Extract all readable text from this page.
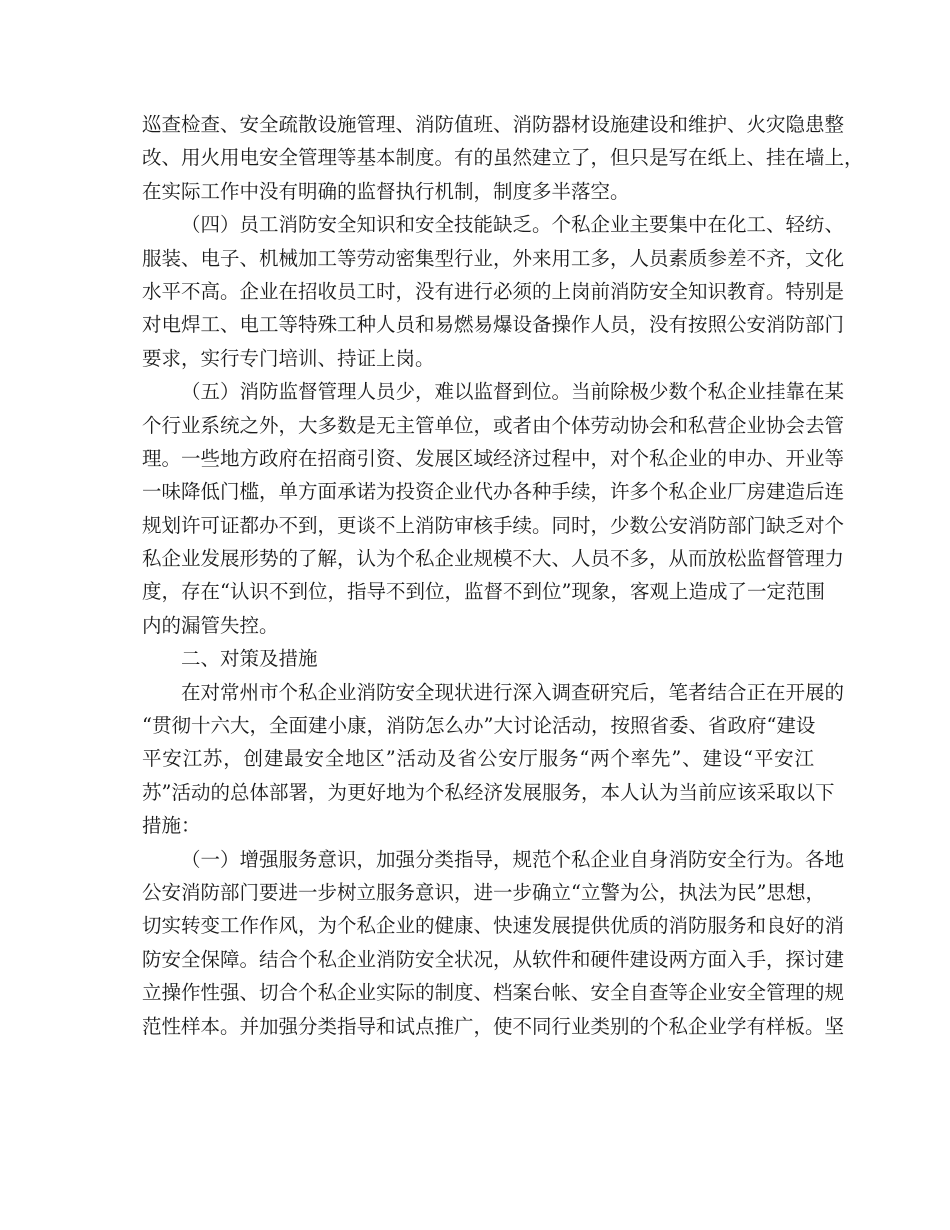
巡查检查、安全疏散设施管理、消防值班、消防器材设施建设和维护、火灾隐患整
改、用火用电安全管理等基本制度。有的虽然建立了，但只是写在纸上、挂在墙上，
在实际工作中没有明确的监督执行机制，制度多半落空。
（四）员工消防安全知识和安全技能缺乏。个私企业主要集中在化工、轻纺、
服装、电子、机械加工等劳动密集型行业，外来用工多，人员素质参差不齐，文化
水平不高。企业在招收员工时，没有进行必须的上岗前消防安全知识教育。特别是
对电焊工、电工等特殊工种人员和易燃易爆设备操作人员，没有按照公安消防部门
要求，实行专门培训、持证上岗。
（五）消防监督管理人员少，难以监督到位。当前除极少数个私企业挂靠在某
个行业系统之外，大多数是无主管单位，或者由个体劳动协会和私营企业协会去管
理。一些地方政府在招商引资、发展区域经济过程中，对个私企业的申办、开业等
一味降低门槛，单方面承诺为投资企业代办各种手续，许多个私企业厂房建造后连
规划许可证都办不到，更谈不上消防审核手续。同时，少数公安消防部门缺乏对个
私企业发展形势的了解，认为个私企业规模不大、人员不多，从而放松监督管理力
度，存在“认识不到位，指导不到位，监督不到位”现象，客观上造成了一定范围
内的漏管失控。
二、对策及措施
在对常州市个私企业消防安全现状进行深入调查研究后，笔者结合正在开展的
“贯彻十六大，全面建小康，消防怎么办”大讨论活动，按照省委、省政府“建设
平安江苏，创建最安全地区”活动及省公安厅服务“两个率先”、建设“平安江
苏”活动的总体部署，为更好地为个私经济发展服务，本人认为当前应该采取以下
措施：
（一）增强服务意识，加强分类指导，规范个私企业自身消防安全行为。各地
公安消防部门要进一步树立服务意识，进一步确立“立警为公，执法为民”思想，
切实转变工作作风，为个私企业的健康、快速发展提供优质的消防服务和良好的消
防安全保障。结合个私企业消防安全状况，从软件和硬件建设两方面入手，探讨建
立操作性强、切合个私企业实际的制度、档案台帐、安全自查等企业安全管理的规
范性样本。并加强分类指导和试点推广，使不同行业类别的个私企业学有样板。坚
